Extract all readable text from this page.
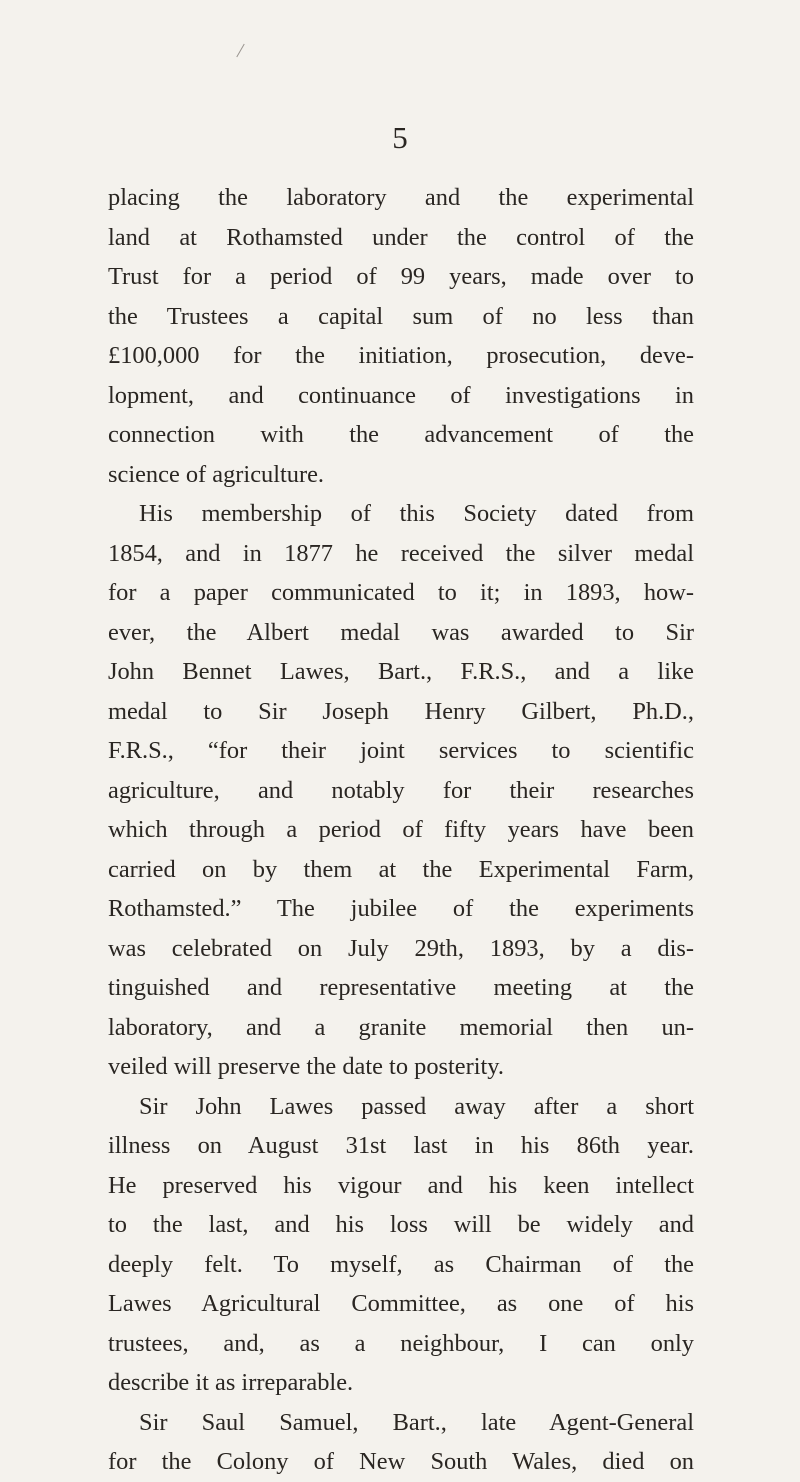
5
placing the laboratory and the experimental
land at Rothamsted under the control of the
Trust for a period of 99 years, made over to
the Trustees a capital sum of no less than
£100,000 for the initiation, prosecution, deve-
lopment, and continuance of investigations in
connection with the advancement of the
science of agriculture.
His membership of this Society dated from
1854, and in 1877 he received the silver medal
for a paper communicated to it; in 1893, how-
ever, the Albert medal was awarded to Sir
John Bennet Lawes, Bart., F.R.S., and a like
medal to Sir Joseph Henry Gilbert, Ph.D.,
F.R.S., “for their joint services to scientific
agriculture, and notably for their researches
which through a period of fifty years have been
carried on by them at the Experimental Farm,
Rothamsted.” The jubilee of the experiments
was celebrated on July 29th, 1893, by a dis-
tinguished and representative meeting at the
laboratory, and a granite memorial then un-
veiled will preserve the date to posterity.
Sir John Lawes passed away after a short
illness on August 31st last in his 86th year.
He preserved his vigour and his keen intellect
to the last, and his loss will be widely and
deeply felt. To myself, as Chairman of the
Lawes Agricultural Committee, as one of his
trustees, and, as a neighbour, I can only
describe it as irreparable.
Sir Saul Samuel, Bart., late Agent-General
for the Colony of New South Wales, died on
